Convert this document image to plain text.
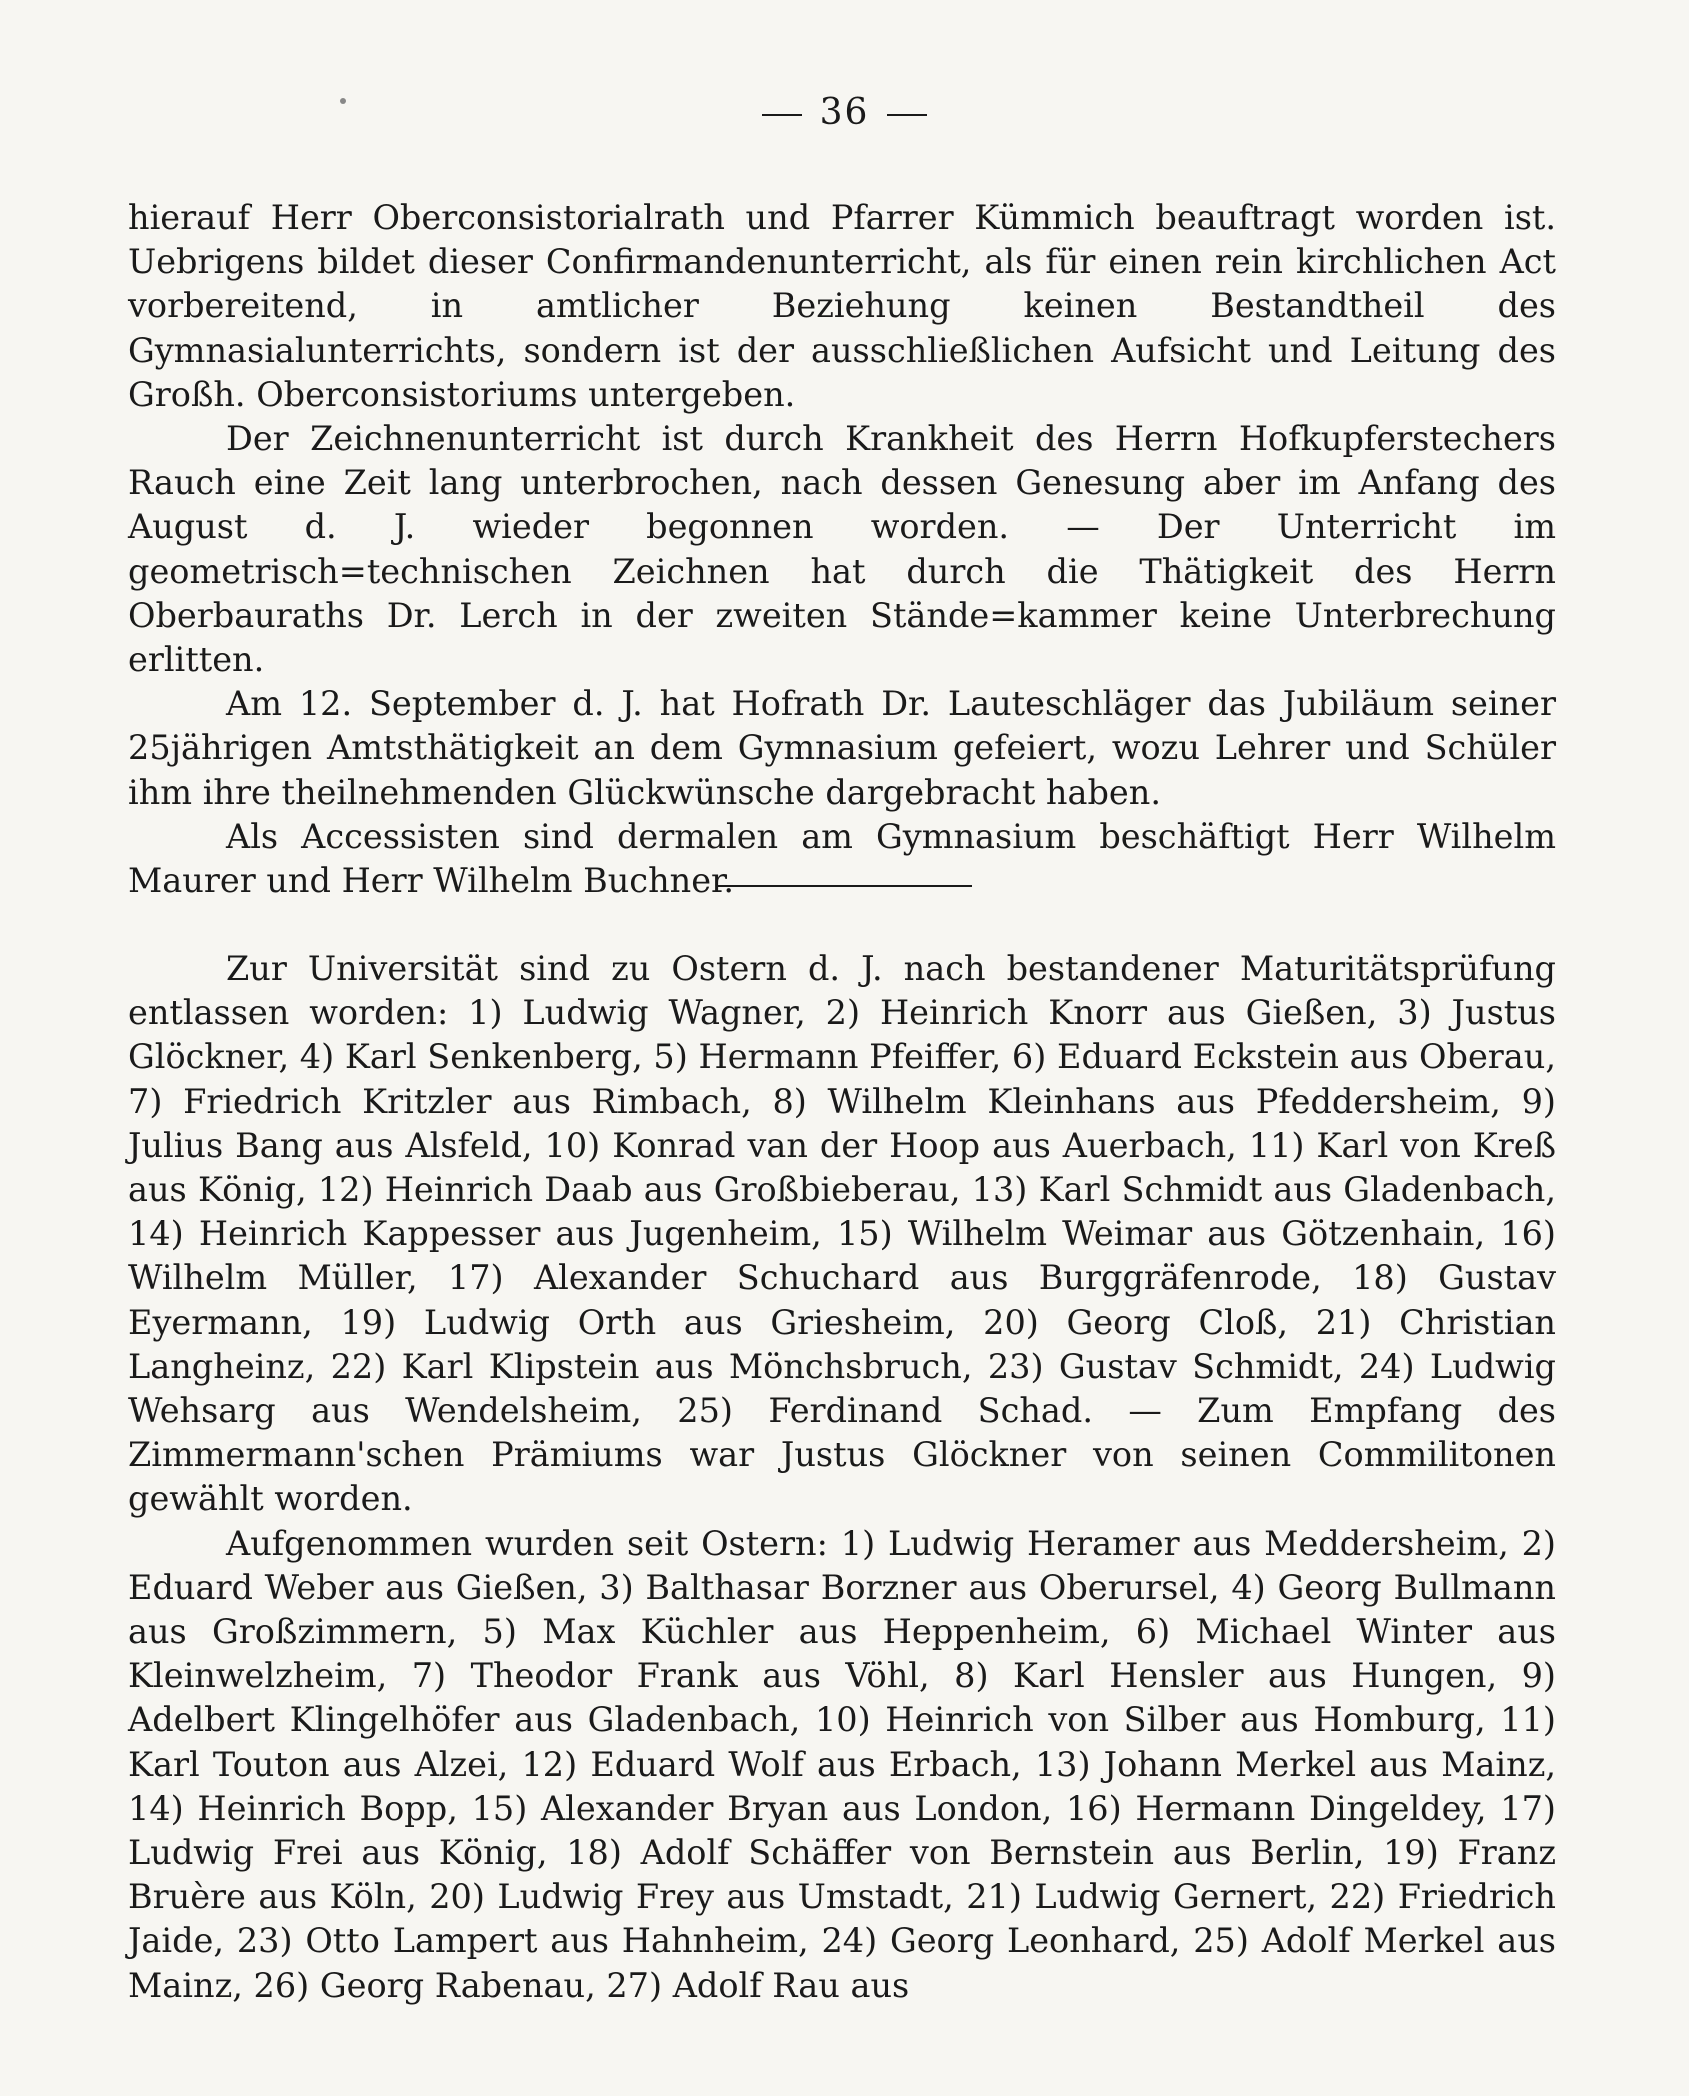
36

hierauf Herr Oberconsistorialrath und Pfarrer Kümmich beauftragt worden ist. Uebrigens bildet dieser Confirmandenunterricht, als für einen rein kirchlichen Act vorbereitend, in amtlicher Beziehung keinen Bestandtheil des Gymnasialunterrichts, sondern ist der ausschließlichen Aufsicht und Leitung des Großh. Oberconsistoriums untergeben.

Der Zeichnenunterricht ist durch Krankheit des Herrn Hofkupferstechers Rauch eine Zeit lang unterbrochen, nach dessen Genesung aber im Anfang des August d. J. wieder begonnen worden. — Der Unterricht im geometrisch=technischen Zeichnen hat durch die Thätigkeit des Herrn Oberbauraths Dr. Lerch in der zweiten Stände=kammer keine Unterbrechung erlitten.

Am 12. September d. J. hat Hofrath Dr. Lauteschläger das Jubiläum seiner 25jährigen Amtsthätigkeit an dem Gymnasium gefeiert, wozu Lehrer und Schüler ihm ihre theilnehmenden Glückwünsche dargebracht haben.

Als Accessisten sind dermalen am Gymnasium beschäftigt Herr Wilhelm Maurer und Herr Wilhelm Buchner.

Zur Universität sind zu Ostern d. J. nach bestandener Maturitätsprüfung entlassen worden: 1) Ludwig Wagner, 2) Heinrich Knorr aus Gießen, 3) Justus Glöckner, 4) Karl Senkenberg, 5) Hermann Pfeiffer, 6) Eduard Eckstein aus Oberau, 7) Friedrich Kritzler aus Rimbach, 8) Wilhelm Kleinhans aus Pfeddersheim, 9) Julius Bang aus Alsfeld, 10) Konrad van der Hoop aus Auerbach, 11) Karl von Kreß aus König, 12) Heinrich Daab aus Großbieberau, 13) Karl Schmidt aus Gladenbach, 14) Heinrich Kappesser aus Jugenheim, 15) Wilhelm Weimar aus Götzenhain, 16) Wilhelm Müller, 17) Alexander Schuchard aus Burggräfenrode, 18) Gustav Eyermann, 19) Ludwig Orth aus Griesheim, 20) Georg Cloß, 21) Christian Langheinz, 22) Karl Klipstein aus Mönchsbruch, 23) Gustav Schmidt, 24) Ludwig Wehsarg aus Wendelsheim, 25) Ferdinand Schad. — Zum Empfang des Zimmermann'schen Prämiums war Justus Glöckner von seinen Commilitonen gewählt worden.

Aufgenommen wurden seit Ostern: 1) Ludwig Heramer aus Meddersheim, 2) Eduard Weber aus Gießen, 3) Balthasar Borzner aus Oberursel, 4) Georg Bullmann aus Großzimmern, 5) Max Küchler aus Heppenheim, 6) Michael Winter aus Kleinwelzheim, 7) Theodor Frank aus Vöhl, 8) Karl Hensler aus Hungen, 9) Adelbert Klingelhöfer aus Gladenbach, 10) Heinrich von Silber aus Homburg, 11) Karl Touton aus Alzei, 12) Eduard Wolf aus Erbach, 13) Johann Merkel aus Mainz, 14) Heinrich Bopp, 15) Alexander Bryan aus London, 16) Hermann Dingeldey, 17) Ludwig Frei aus König, 18) Adolf Schäffer von Bernstein aus Berlin, 19) Franz Bruère aus Köln, 20) Ludwig Frey aus Umstadt, 21) Ludwig Gernert, 22) Friedrich Jaide, 23) Otto Lampert aus Hahnheim, 24) Georg Leonhard, 25) Adolf Merkel aus Mainz, 26) Georg Rabenau, 27) Adolf Rau aus
